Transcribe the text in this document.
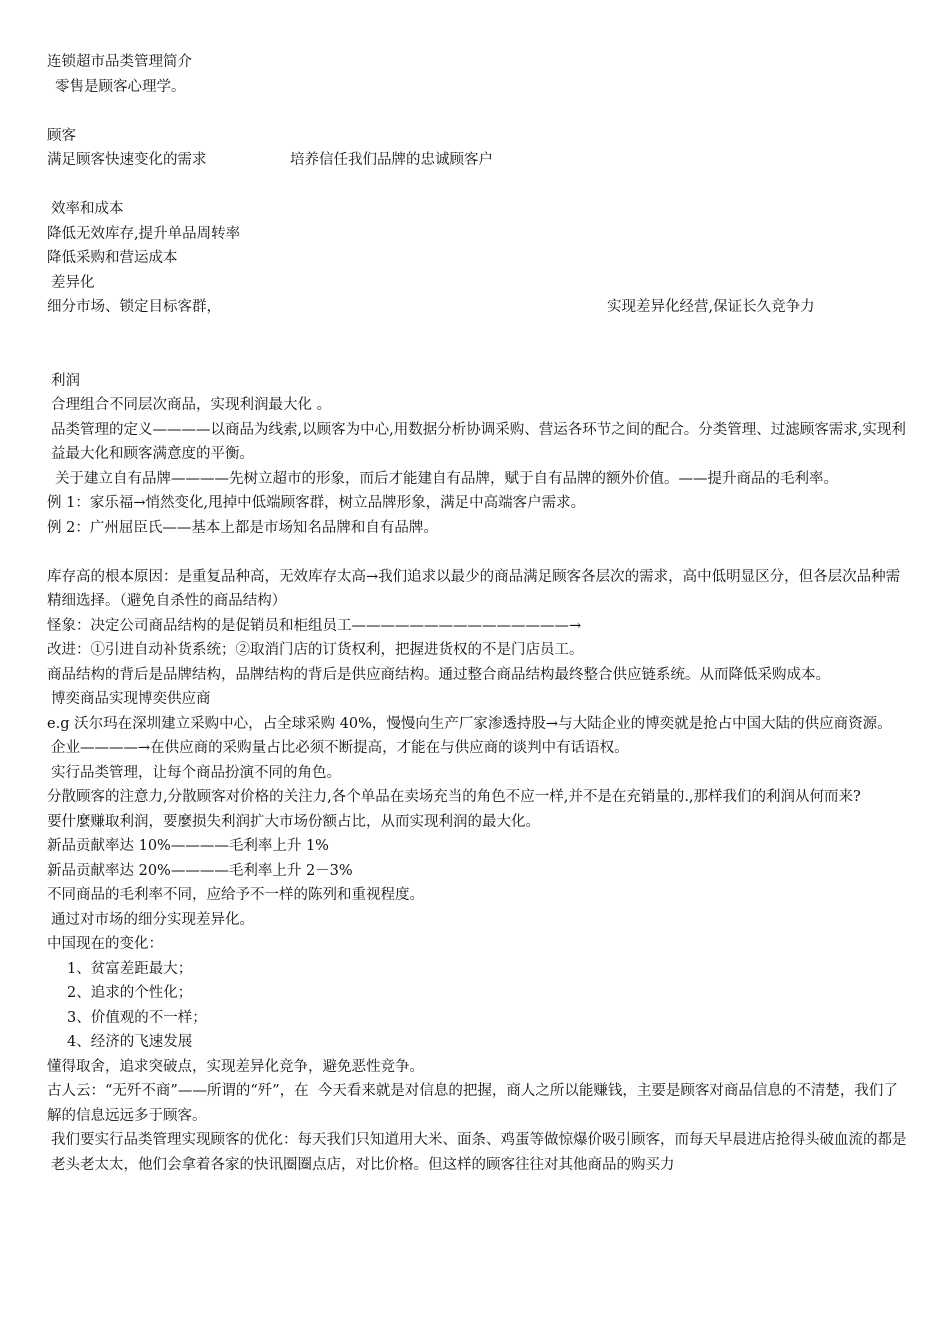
连锁超市品类管理简介
零售是顾客心理学。
顾客
满足顾客快速变化的需求	培养信任我们品牌的忠诚顾客户
效率和成本
降低无效库存,提升单品周转率
降低采购和营运成本
差异化
细分市场、锁定目标客群，	实现差异化经营,保证长久竞争力
利润
合理组合不同层次商品，实现利润最大化 。
品类管理的定义————以商品为线索,以顾客为中心,用数据分析协调采购、营运各环节之间的配合。分类管理、过滤顾客需求,实现利益最大化和顾客满意度的平衡。
关于建立自有品牌————先树立超市的形象，而后才能建自有品牌，赋于自有品牌的额外价值。——提升商品的毛利率。
例 1：家乐福→悄然变化,甩掉中低端顾客群，树立品牌形象，满足中高端客户需求。
例 2：广州屈臣氏——基本上都是市场知名品牌和自有品牌。
库存高的根本原因：是重复品种高，无效库存太高→我们追求以最少的商品满足顾客各层次的需求，高中低明显区分，但各层次品种需精细选择。（避免自杀性的商品结构）
怪象：决定公司商品结构的是促销员和柜组员工———————————————→
改进：①引进自动补货系统；②取消门店的订货权利，把握进货权的不是门店员工。
商品结构的背后是品牌结构，品牌结构的背后是供应商结构。通过整合商品结构最终整合供应链系统。从而降低采购成本。
博奕商品实现博奕供应商
e.g 沃尔玛在深圳建立采购中心，占全球采购 40%，慢慢向生产厂家渗透持股→与大陆企业的博奕就是抢占中国大陆的供应商资源。
企业————→在供应商的采购量占比必须不断提高，才能在与供应商的谈判中有话语权。
实行品类管理，让每个商品扮演不同的角色。
分散顾客的注意力,分散顾客对价格的关注力,各个单品在卖场充当的角色不应一样,并不是在充销量的.,那样我们的利润从何而来?
要什麼赚取利润，要麼损失利润扩大市场份额占比，从而实现利润的最大化。
新品贡献率达 10%————毛利率上升 1%
新品贡献率达 20%————毛利率上升 2－3%
不同商品的毛利率不同，应给予不一样的陈列和重视程度。
通过对市场的细分实现差异化。
中国现在的变化：
1、贫富差距最大；
2、追求的个性化；
3、价值观的不一样；
4、经济的飞速发展
懂得取舍，追求突破点，实现差异化竞争，避免恶性竞争。
古人云：“无歼不商”——所谓的“歼”，在  今天看来就是对信息的把握，商人之所以能赚钱，主要是顾客对商品信息的不清楚，我们了解的信息远远多于顾客。
我们要实行品类管理实现顾客的优化：每天我们只知道用大米、面条、鸡蛋等做惊爆价吸引顾客，而每天早晨进店抢得头破血流的都是老头老太太，他们会拿着各家的快讯圈圈点店，对比价格。但这样的顾客往往对其他商品的购买力
